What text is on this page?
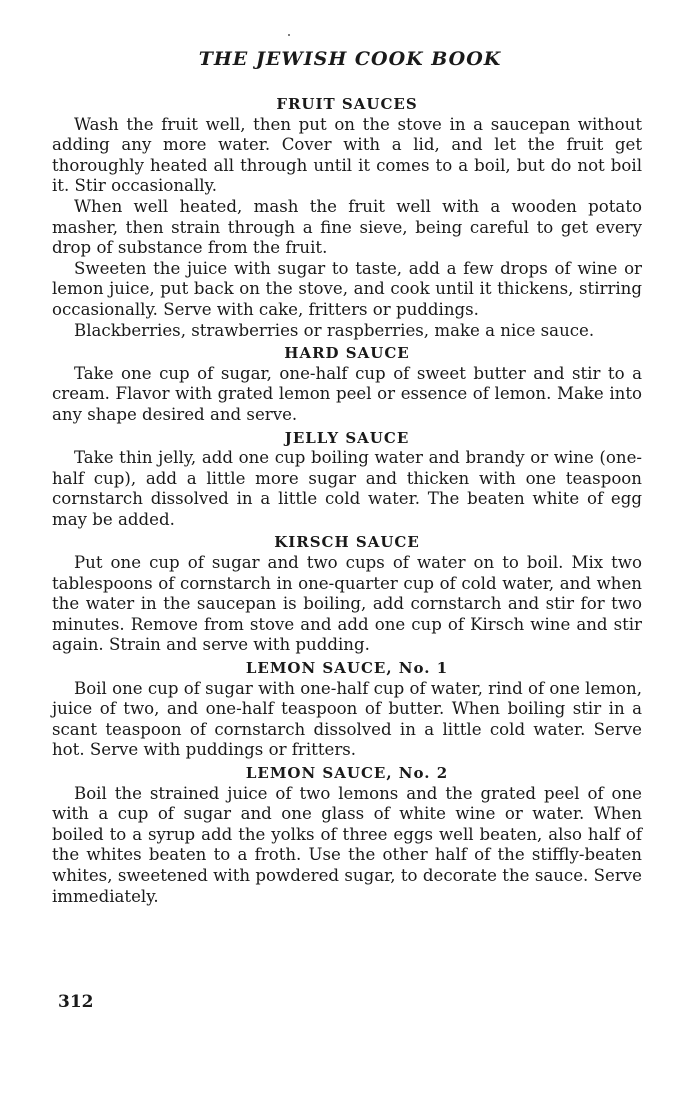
THE JEWISH COOK BOOK
FRUIT SAUCES

Wash the fruit well, then put on the stove in a saucepan without adding any more water. Cover with a lid, and let the fruit get thoroughly heated all through until it comes to a boil, but do not boil it. Stir occasionally.

When well heated, mash the fruit well with a wooden potato masher, then strain through a fine sieve, being careful to get every drop of substance from the fruit.

Sweeten the juice with sugar to taste, add a few drops of wine or lemon juice, put back on the stove, and cook until it thickens, stirring occasionally. Serve with cake, fritters or puddings.

Blackberries, strawberries or raspberries, make a nice sauce.

HARD SAUCE

Take one cup of sugar, one-half cup of sweet butter and stir to a cream. Flavor with grated lemon peel or essence of lemon. Make into any shape desired and serve.

JELLY SAUCE

Take thin jelly, add one cup boiling water and brandy or wine (one-half cup), add a little more sugar and thicken with one teaspoon cornstarch dissolved in a little cold water. The beaten white of egg may be added.

KIRSCH SAUCE

Put one cup of sugar and two cups of water on to boil. Mix two tablespoons of cornstarch in one-quarter cup of cold water, and when the water in the saucepan is boiling, add cornstarch and stir for two minutes. Remove from stove and add one cup of Kirsch wine and stir again. Strain and serve with pudding.

LEMON SAUCE, No. 1

Boil one cup of sugar with one-half cup of water, rind of one lemon, juice of two, and one-half teaspoon of butter. When boiling stir in a scant teaspoon of cornstarch dissolved in a little cold water. Serve hot. Serve with puddings or fritters.

LEMON SAUCE, No. 2

Boil the strained juice of two lemons and the grated peel of one with a cup of sugar and one glass of white wine or water. When boiled to a syrup add the yolks of three eggs well beaten, also half of the whites beaten to a froth. Use the other half of the stiffly-beaten whites, sweetened with powdered sugar, to decorate the sauce. Serve immediately.

312
